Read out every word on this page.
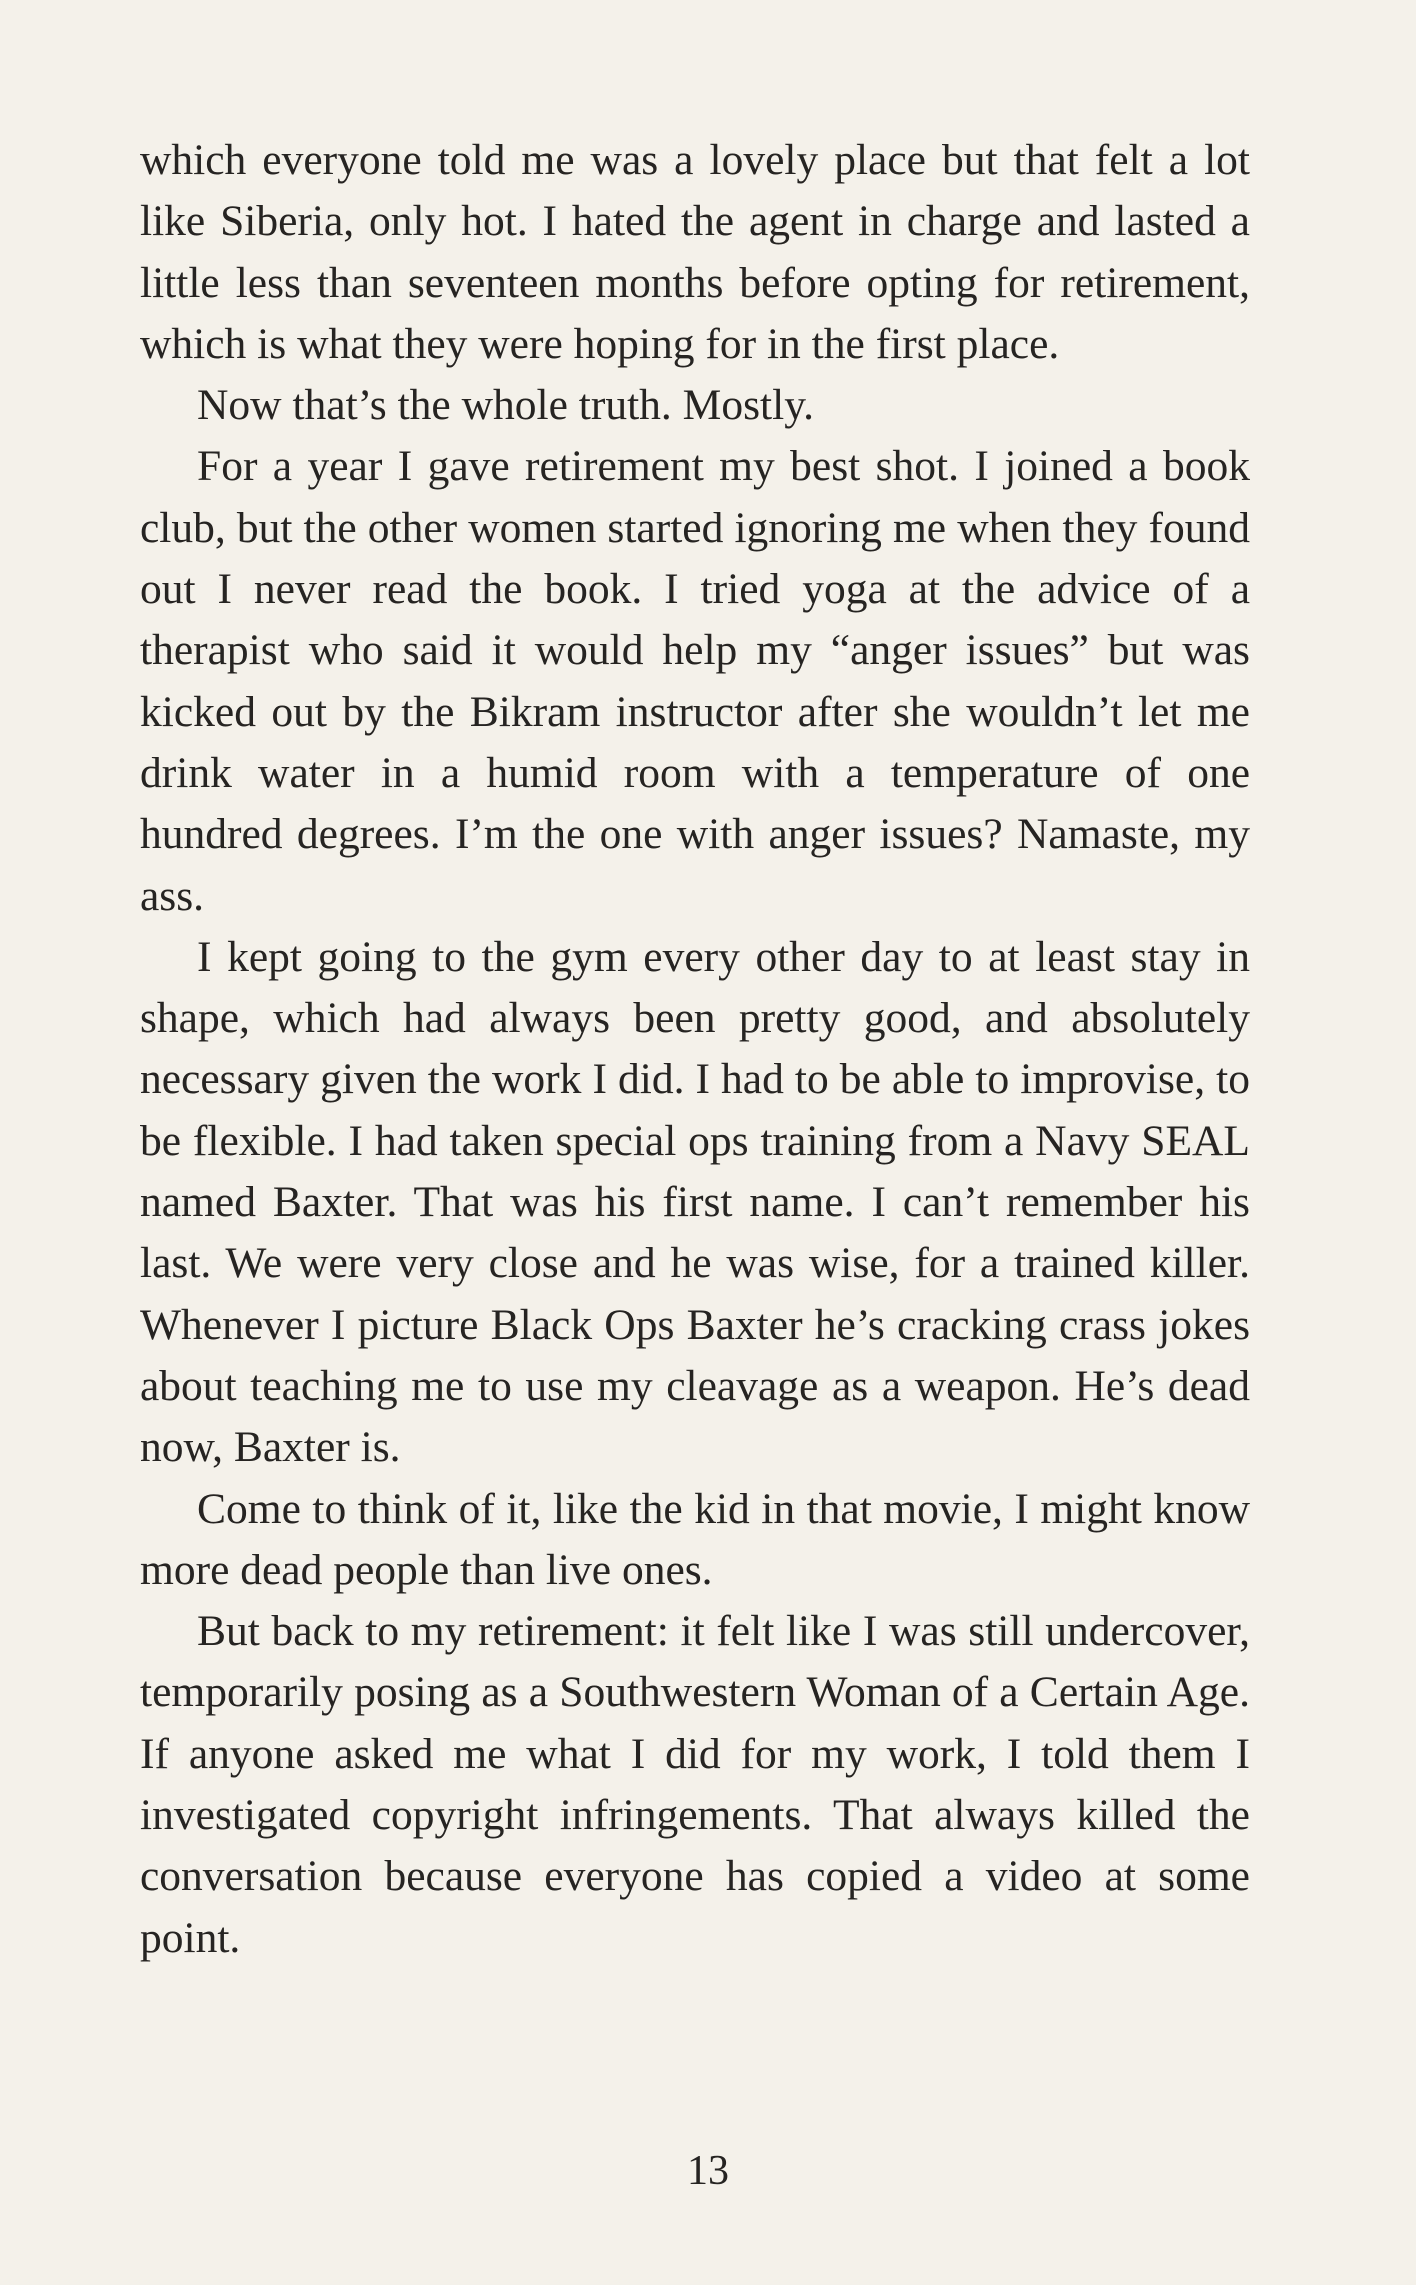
which everyone told me was a lovely place but that felt a lot like Siberia, only hot. I hated the agent in charge and lasted a little less than seventeen months before opting for retirement, which is what they were hoping for in the first place.

Now that’s the whole truth. Mostly.

For a year I gave retirement my best shot. I joined a book club, but the other women started ignoring me when they found out I never read the book. I tried yoga at the advice of a therapist who said it would help my “anger issues” but was kicked out by the Bikram instructor after she wouldn’t let me drink water in a humid room with a temperature of one hundred degrees. I’m the one with anger issues? Namaste, my ass.

I kept going to the gym every other day to at least stay in shape, which had always been pretty good, and absolutely necessary given the work I did. I had to be able to improvise, to be flexible. I had taken special ops training from a Navy SEAL named Baxter. That was his first name. I can’t remember his last. We were very close and he was wise, for a trained killer. Whenever I picture Black Ops Baxter he’s cracking crass jokes about teaching me to use my cleavage as a weapon. He’s dead now, Baxter is.

Come to think of it, like the kid in that movie, I might know more dead people than live ones.

But back to my retirement: it felt like I was still undercover, temporarily posing as a Southwestern Woman of a Certain Age. If anyone asked me what I did for my work, I told them I investigated copyright infringements. That always killed the conversation because everyone has copied a video at some point.

13
